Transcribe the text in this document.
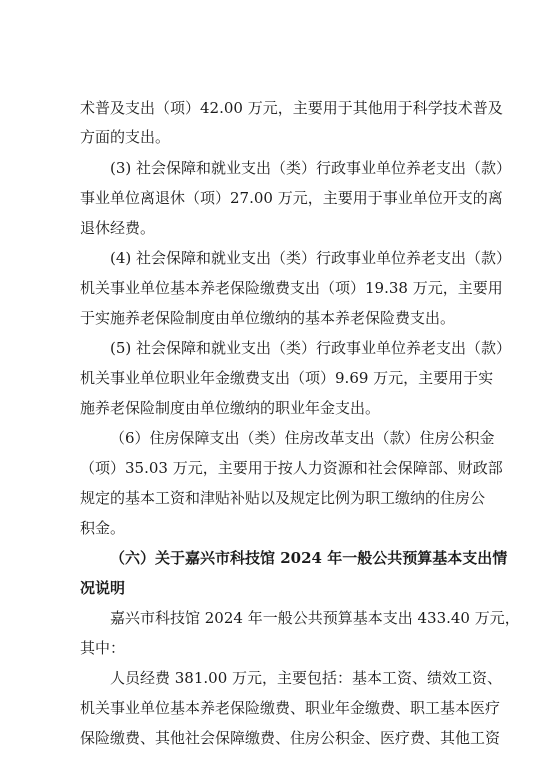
术普及支出（项）42.00 万元，主要用于其他用于科学技术普及
方面的支出。
(3) 社会保障和就业支出（类）行政事业单位养老支出（款）
事业单位离退休（项）27.00 万元，主要用于事业单位开支的离
退休经费。
(4) 社会保障和就业支出（类）行政事业单位养老支出（款）
机关事业单位基本养老保险缴费支出（项）19.38 万元，主要用
于实施养老保险制度由单位缴纳的基本养老保险费支出。
(5) 社会保障和就业支出（类）行政事业单位养老支出（款）
机关事业单位职业年金缴费支出（项）9.69 万元，主要用于实
施养老保险制度由单位缴纳的职业年金支出。
（6）住房保障支出（类）住房改革支出（款）住房公积金
（项）35.03 万元，主要用于按人力资源和社会保障部、财政部
规定的基本工资和津贴补贴以及规定比例为职工缴纳的住房公
积金。
（六）关于嘉兴市科技馆 2024 年一般公共预算基本支出情
况说明
嘉兴市科技馆 2024 年一般公共预算基本支出 433.40 万元，
其中：
人员经费 381.00 万元，主要包括：基本工资、绩效工资、
机关事业单位基本养老保险缴费、职业年金缴费、职工基本医疗
保险缴费、其他社会保障缴费、住房公积金、医疗费、其他工资
